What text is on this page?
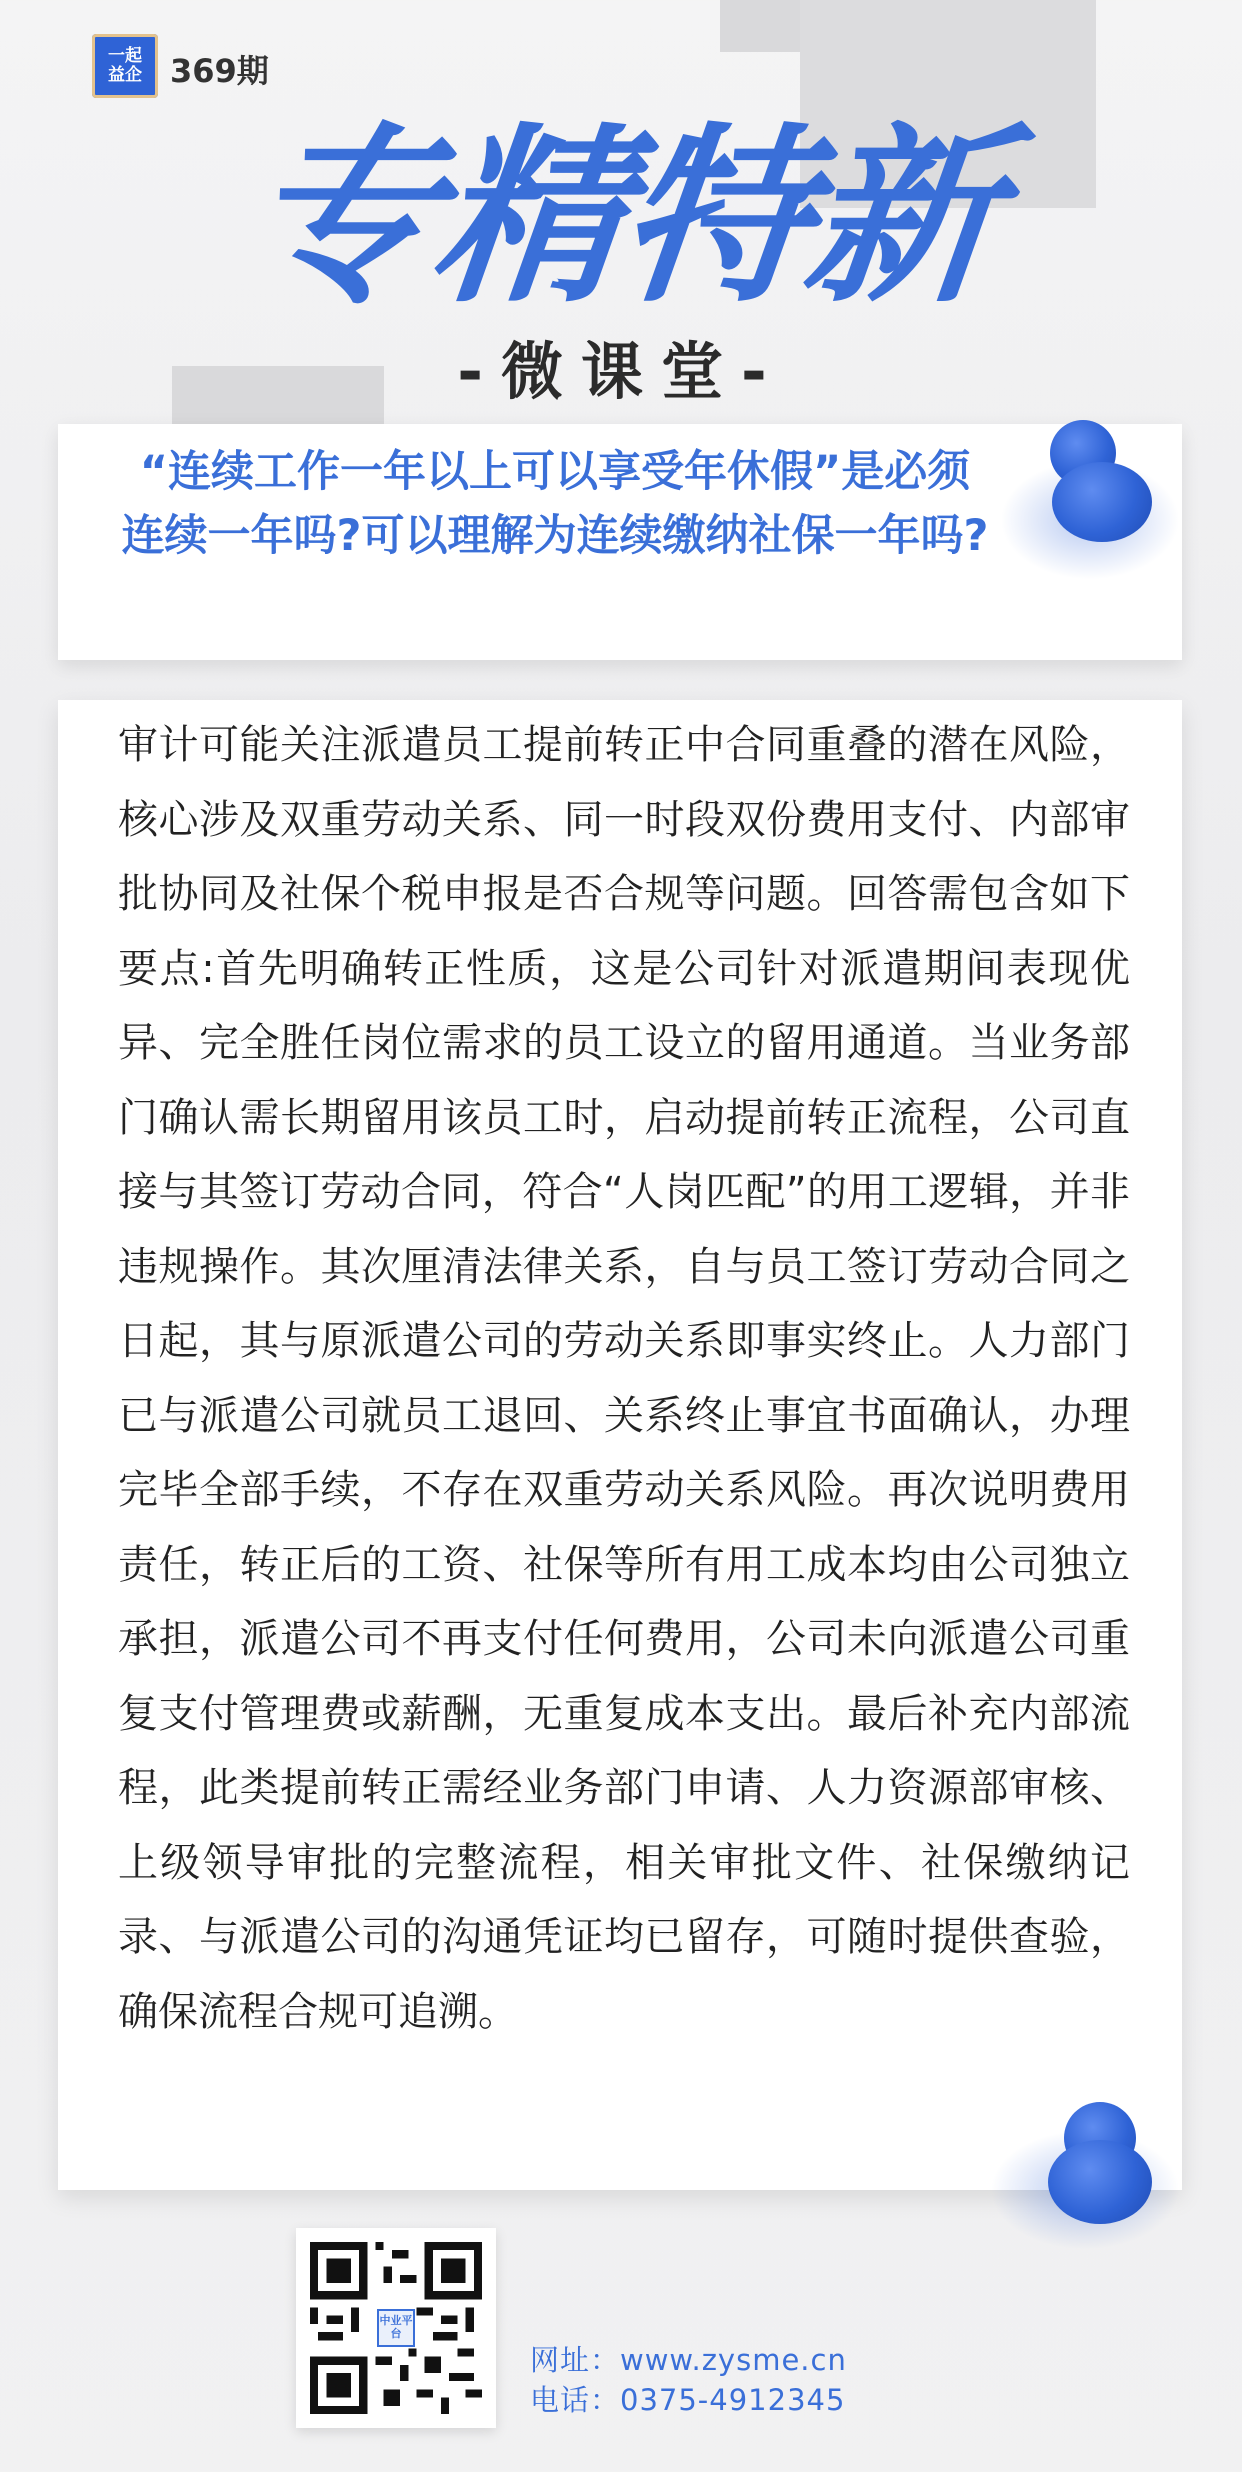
一起
益企 369期
专精特新
-微课堂-
“连续工作一年以上可以享受年休假”是必须连续一年吗?可以理解为连续缴纳社保一年吗?
审计可能关注派遣员工提前转正中合同重叠的潜在风险，核心涉及双重劳动关系、同一时段双份费用支付、内部审批协同及社保个税申报是否合规等问题。回答需包含如下要点:首先明确转正性质，这是公司针对派遣期间表现优异、完全胜任岗位需求的员工设立的留用通道。当业务部门确认需长期留用该员工时，启动提前转正流程，公司直接与其签订劳动合同，符合“人岗匹配”的用工逻辑，并非违规操作。其次厘清法律关系，自与员工签订劳动合同之日起，其与原派遣公司的劳动关系即事实终止。人力部门已与派遣公司就员工退回、关系终止事宜书面确认，办理完毕全部手续，不存在双重劳动关系风险。再次说明费用责任，转正后的工资、社保等所有用工成本均由公司独立承担，派遣公司不再支付任何费用，公司未向派遣公司重复支付管理费或薪酬，无重复成本支出。最后补充内部流程，此类提前转正需经业务部门申请、人力资源部审核、上级领导审批的完整流程，相关审批文件、社保缴纳记录、与派遣公司的沟通凭证均已留存，可随时提供查验，确保流程合规可追溯。
中业平台
网址：www.zysme.cn
电话：0375-4912345
